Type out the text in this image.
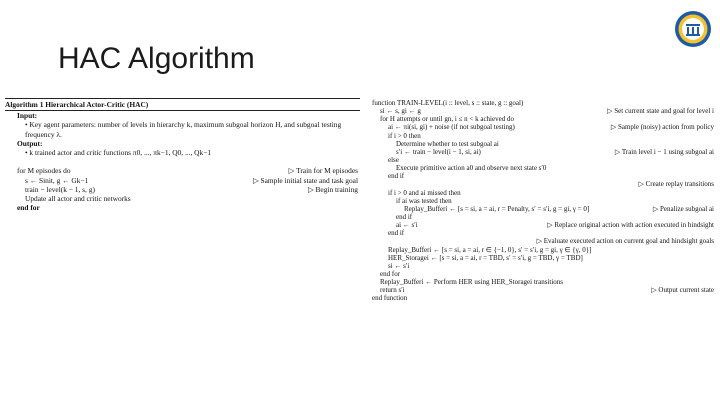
HAC Algorithm
Algorithm 1 Hierarchical Actor-Critic (HAC)
Input:
• Key agent parameters: number of levels in hierarchy k, maximum subgoal horizon H, and subgoal testing frequency λ.
Output:
• k trained actor and critic functions π0, ..., πk−1, Q0, ..., Qk−1
for M episodes do	▷ Train for M episodes
s ← Sinit, g ← Gk−1	▷ Sample initial state and task goal
train − level(k − 1, s, g)	▷ Begin training
Update all actor and critic networks
end for
function TRAIN-LEVEL(i :: level, s :: state, g :: goal)
si ← s, gi ← g	▷ Set current state and goal for level i
for H attempts or until gn, i ≤ n < k achieved do
ai ← πi(si, gi) + noise (if not subgoal testing)	▷ Sample (noisy) action from policy
if i > 0 then
Determine whether to test subgoal ai
s′i ← train − level(i − 1, si, ai)	▷ Train level i − 1 using subgoal ai
else
Execute primitive action a0 and observe next state s′0
end if
▷ Create replay transitions
if i > 0 and ai missed then
if ai was tested then
Replay_Bufferi ← [s = si, a = ai, r = Penalty, s′ = s′i, g = gi, γ = 0]	▷ Penalize subgoal ai
end if
ai ← s′i	▷ Replace original action with action executed in hindsight
end if
▷ Evaluate executed action on current goal and hindsight goals
Replay_Bufferi ← [s = si, a = ai, r ∈ {−1, 0}, s′ = s′i, g = gi, γ ∈ {γ, 0}]
HER_Storagei ← [s = si, a = ai, r = TBD, s′ = s′i, g = TBD, γ = TBD]
si ← s′i
end for
Replay_Bufferi ← Perform HER using HER_Storagei transitions
return s′i	▷ Output current state
end function
